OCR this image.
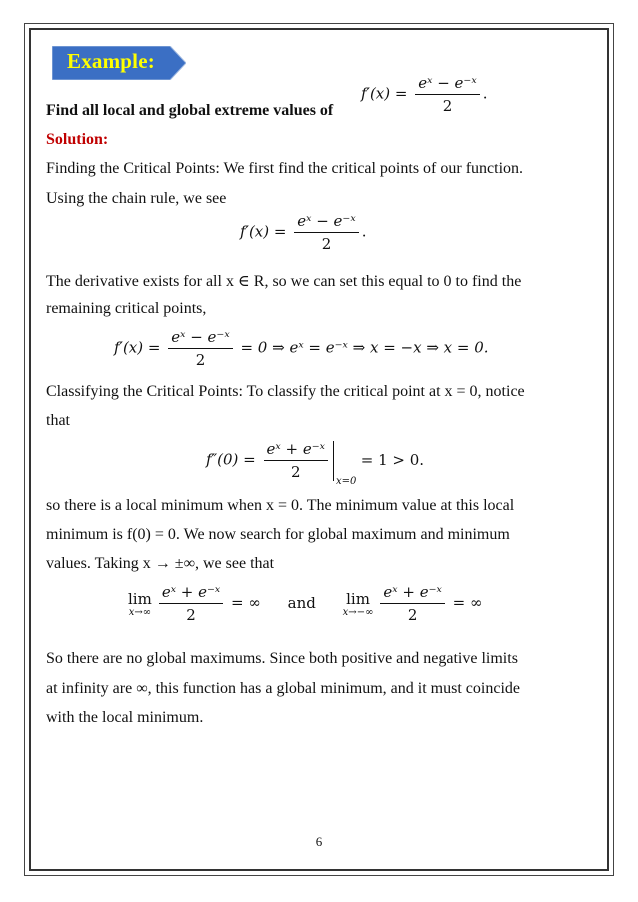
Example:
$f'(x) = \frac{\text{eˣ − e⁻ˣ}}{2}$ .
Find all local and global extreme values of
Solution:
Finding the Critical Points: We first find the critical points of our function.
Using the chain rule, we see
$f'(x) = \frac{\text{eˣ − e⁻ˣ}}{2}$ .
The derivative exists for all x ∈ R, so we can set this equal to 0 to find the
remaining critical points,
$f'(x) = \frac{\text{eˣ − e⁻ˣ}}{2} = 0$ ⇒ eˣ = e⁻ˣ ⇒ x = −x ⇒ x = 0.
Classifying the Critical Points: To classify the critical point at x = 0, notice
that
$f''(0) = \frac{\text{eˣ + e⁻ˣ}}{2} x=0$
= 1 > 0.
so there is a local minimum when x = 0. The minimum value at this local
minimum is f(0) = 0. We now search for global maximum and minimum
values. Taking x → ±∞, we see that
lim
$x\to\infty \frac{\text{eˣ + e⁻ˣ}}{2}$ = ∞ and lim
$x\to-\infty \frac{\text{eˣ + e⁻ˣ}}{2}$ = ∞
So there are no global maximums. Since both positive and negative limits
at infinity are ∞, this function has a global minimum, and it must coincide
with the local minimum.
6
